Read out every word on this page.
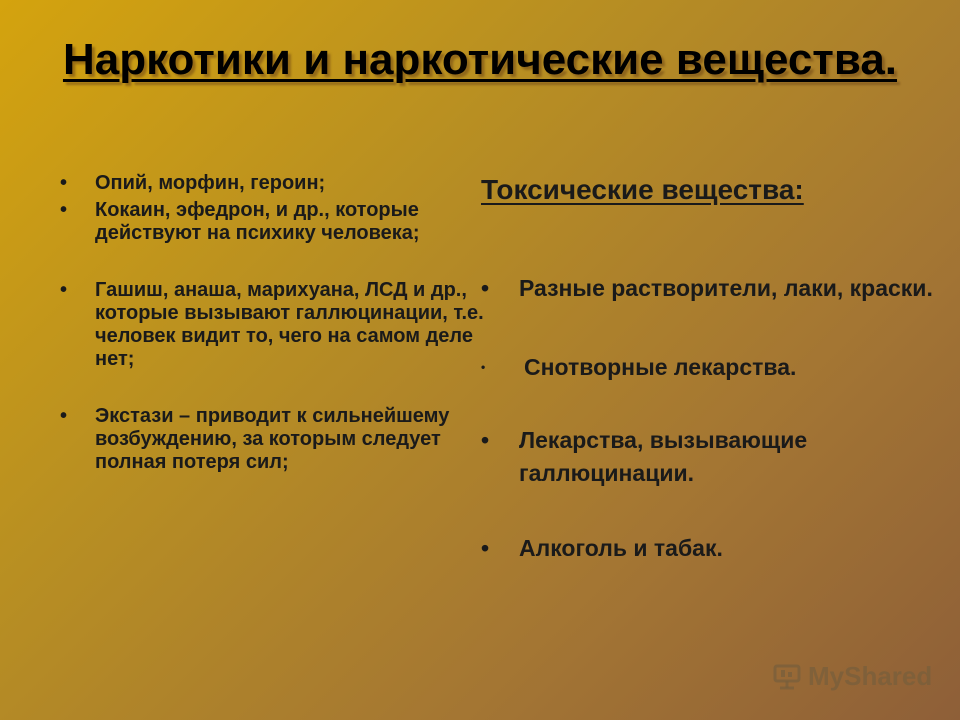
Наркотики и наркотические вещества.
• Опий, морфин, героин;
• Кокаин, эфедрон, и др., которые действуют на психику человека;
• Гашиш, анаша, марихуана, ЛСД и др., которые вызывают галлюцинации, т.е. человек видит то, чего на самом деле нет;
• Экстази – приводит к сильнейшему возбуждению, за которым следует полная потеря сил;
Токсические вещества:
• Разные растворители, лаки, краски.
• Снотворные лекарства.
• Лекарства, вызывающие галлюцинации.
• Алкоголь и табак.
MyShared
